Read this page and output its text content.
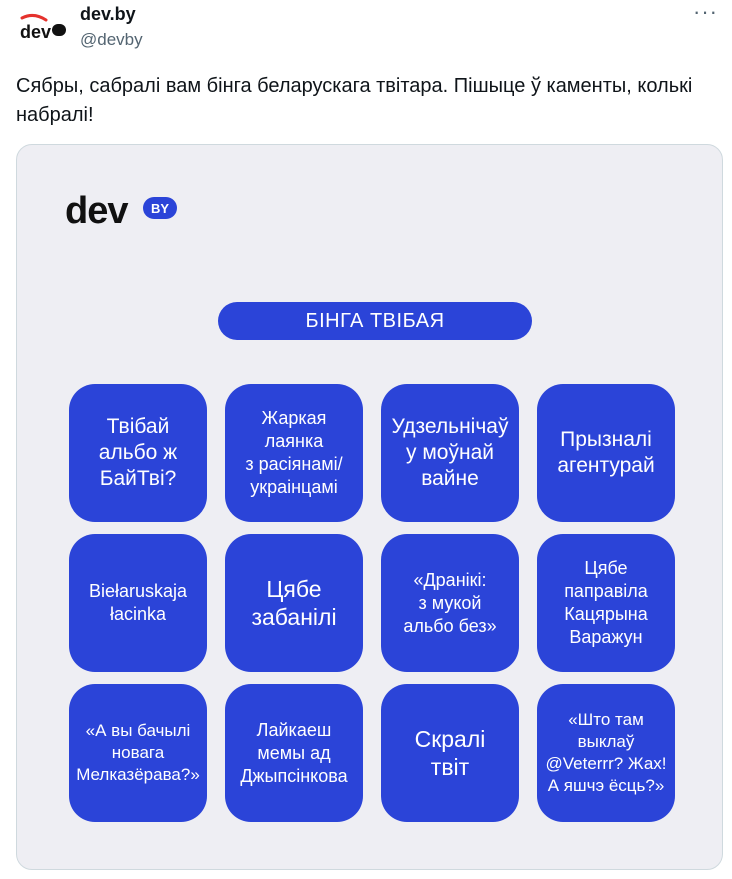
dev
dev.by
@devby
···
Сябры, сабралі вам бінга беларускага твітара. Пішыце ў каменты, колькі набралі!
dev BY
БІНГА ТВІБАЯ
Твібай
альбо ж
БайТві?
Жаркая
лаянка
з расіянамі/
украінцамі
Удзельнічаў
у моўнай
вайне
Прызналі
агентурай
Biełaruskaja
łacinka
Цябе
забанілі
«Дранікі:
з мукой
альбо без»
Цябе
паправіла
Кацярына
Варажун
«А вы бачылі
новага
Мелказёрава?»
Лайкаеш
мемы ад
Джыпсінкова
Скралі
твіт
«Што там
выклаў
@Veterrr? Жах!
А яшчэ ёсць?»
